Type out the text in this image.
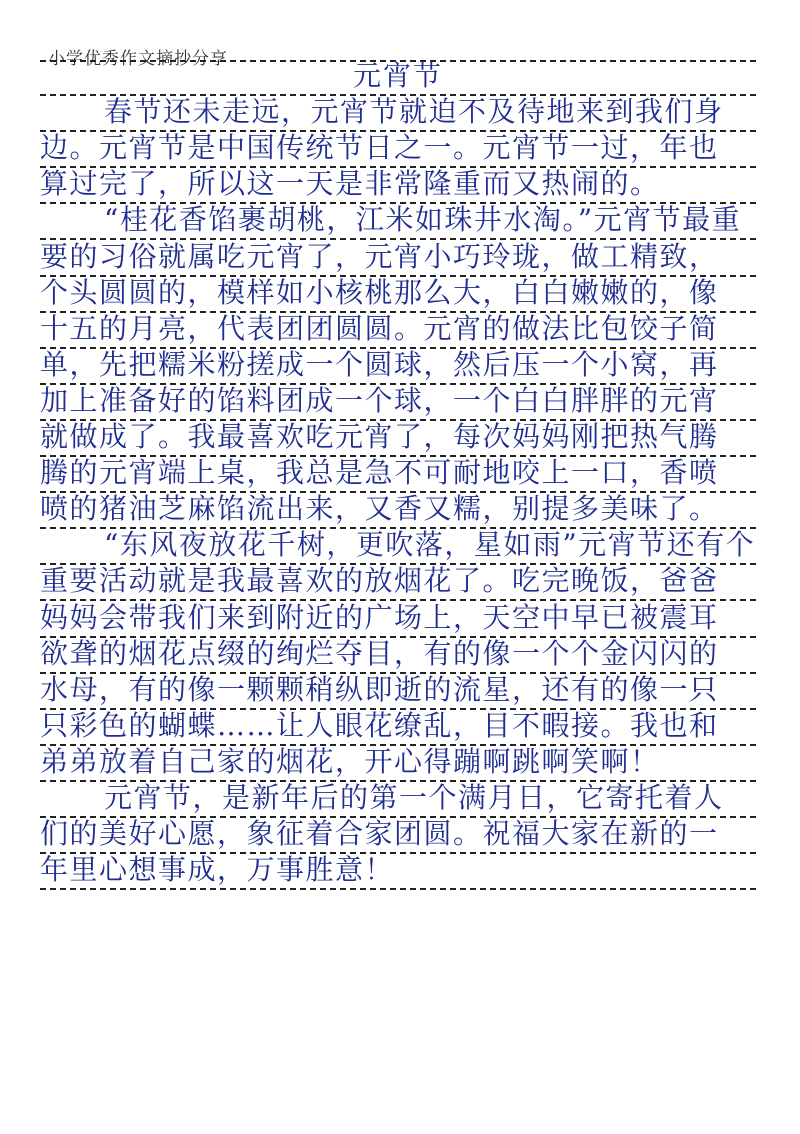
小学优秀作文摘抄分享
元宵节
春节还未走远，元宵节就迫不及待地来到我们身
边。元宵节是中国传统节日之一。元宵节一过，年也
算过完了，所以这一天是非常隆重而又热闹的。
“桂花香馅裹胡桃，江米如珠井水淘。”元宵节最重
要的习俗就属吃元宵了，元宵小巧玲珑，做工精致，
个头圆圆的，模样如小核桃那么大，白白嫩嫩的，像
十五的月亮，代表团团圆圆。元宵的做法比包饺子简
单，先把糯米粉搓成一个圆球，然后压一个小窝，再
加上准备好的馅料团成一个球，一个白白胖胖的元宵
就做成了。我最喜欢吃元宵了，每次妈妈刚把热气腾
腾的元宵端上桌，我总是急不可耐地咬上一口，香喷
喷的猪油芝麻馅流出来，又香又糯，别提多美味了。
“东风夜放花千树，更吹落，星如雨”元宵节还有个
重要活动就是我最喜欢的放烟花了。吃完晚饭，爸爸
妈妈会带我们来到附近的广场上，天空中早已被震耳
欲聋的烟花点缀的绚烂夺目，有的像一个个金闪闪的
水母，有的像一颗颗稍纵即逝的流星，还有的像一只
只彩色的蝴蝶……让人眼花缭乱，目不暇接。我也和
弟弟放着自己家的烟花，开心得蹦啊跳啊笑啊！
元宵节，是新年后的第一个满月日，它寄托着人
们的美好心愿，象征着合家团圆。祝福大家在新的一
年里心想事成，万事胜意！
